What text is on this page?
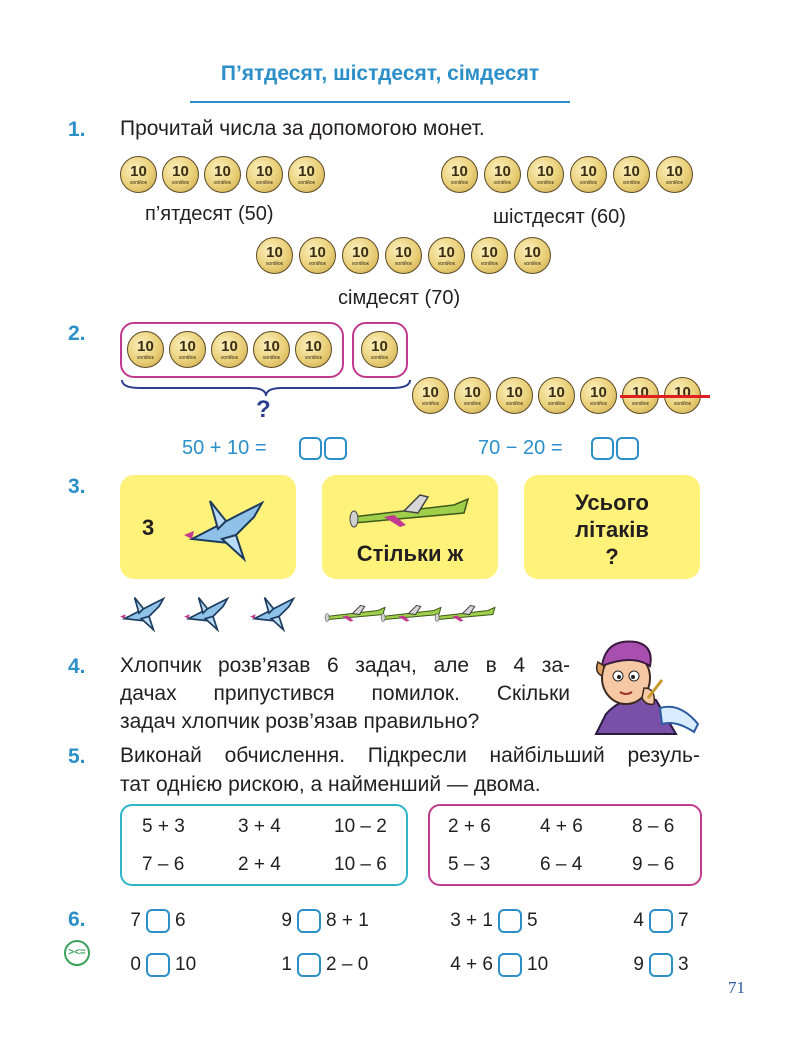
П’ятдесят, шістдесят, сімдесят
1. Прочитай числа за допомогою монет.
10
копійок
10
копійок
10
копійок
10
копійок
10
копійок
п’ятдесят (50)
10
копійок
10
копійок
10
копійок
10
копійок
10
копійок
10
копійок
шістдесят (60)
10
копійок
10
копійок
10
копійок
10
копійок
10
копійок
10
копійок
10
копійок
сімдесят (70)
2.
10
копійок
10
копійок
10
копійок
10
копійок
10
копійок
10
копійок
?
10
копійок
10
копійок
10
копійок
10
копійок
10
копійок
10
копійок
10
копійок
50 + 10 =	70 − 20 =
3.
3
Стільки ж
Усього
літаків
?
4. Хлопчик розв’язав 6 задач, але в 4 за-
дачах припустився помилок. Скільки
задач хлопчик розв’язав правильно?
5. Виконай обчислення. Підкресли найбільший резуль-
тат однією рискою, а найменший — двома.
5 + 3	3 + 4	10 – 2
7 – 6	2 + 4	10 – 6
2 + 6	4 + 6	8 – 6
5 – 3	6 – 4	9 – 6
6.
><=
7 6	9 8 + 1	3 + 1 5	4 7
0 10	1 2 – 0	4 + 6 10	9 3
71
